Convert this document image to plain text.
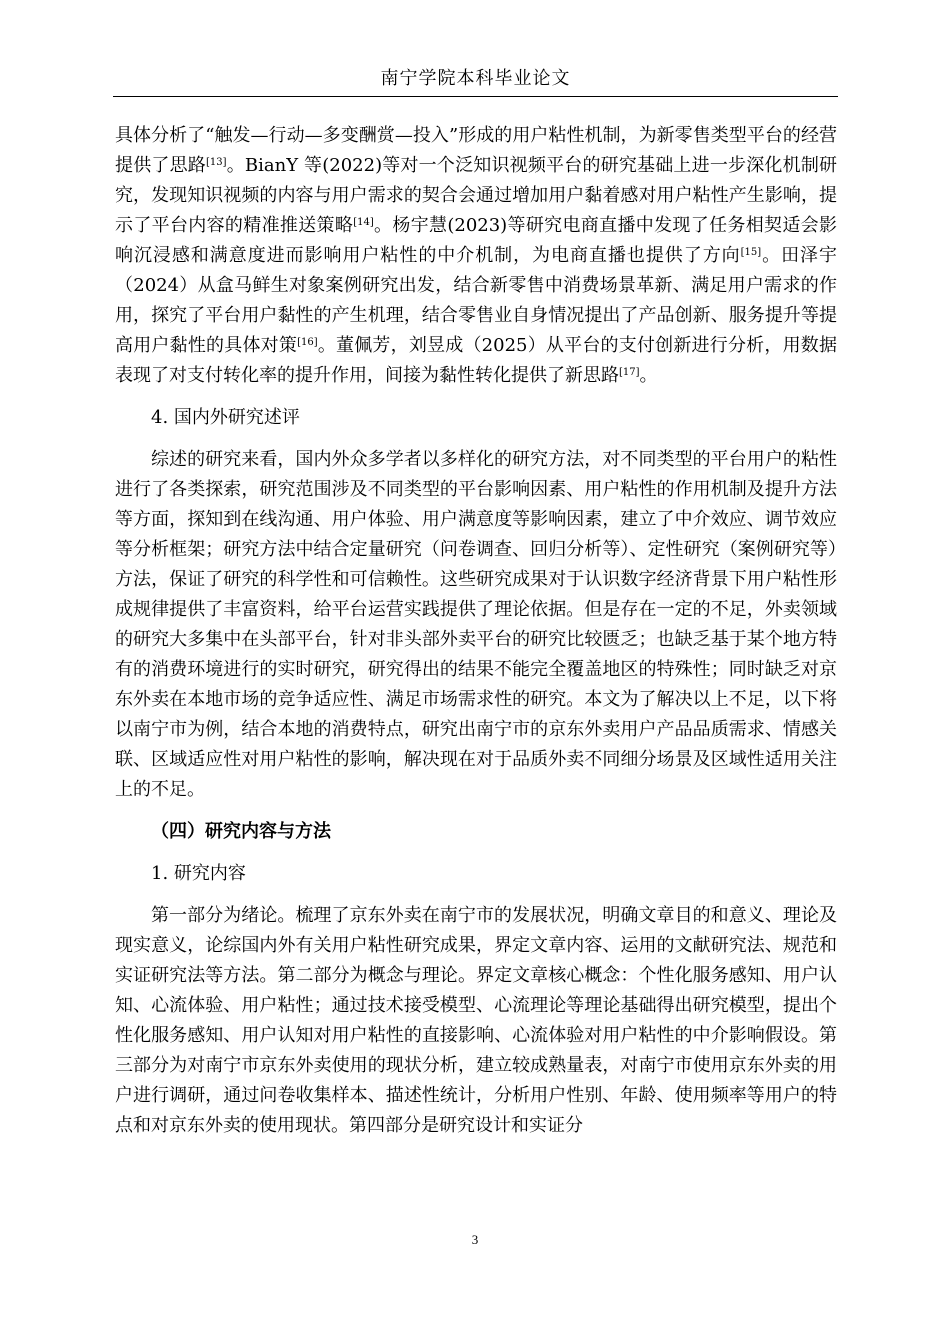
南宁学院本科毕业论文

具体分析了“触发—行动—多变酬赏—投入”形成的用户粘性机制，为新零售类型平台的经营提供了思路[13]。BianY 等(2022)等对一个泛知识视频平台的研究基础上进一步深化机制研究，发现知识视频的内容与用户需求的契合会通过增加用户黏着感对用户粘性产生影响，提示了平台内容的精准推送策略[14]。杨宇慧(2023)等研究电商直播中发现了任务相契适会影响沉浸感和满意度进而影响用户粘性的中介机制，为电商直播也提供了方向[15]。田泽宇（2024）从盒马鲜生对象案例研究出发，结合新零售中消费场景革新、满足用户需求的作用，探究了平台用户黏性的产生机理，结合零售业自身情况提出了产品创新、服务提升等提高用户黏性的具体对策[16]。董佩芳，刘昱成（2025）从平台的支付创新进行分析，用数据表现了对支付转化率的提升作用，间接为黏性转化提供了新思路[17]。

4. 国内外研究述评

综述的研究来看，国内外众多学者以多样化的研究方法，对不同类型的平台用户的粘性进行了各类探索，研究范围涉及不同类型的平台影响因素、用户粘性的作用机制及提升方法等方面，探知到在线沟通、用户体验、用户满意度等影响因素，建立了中介效应、调节效应等分析框架；研究方法中结合定量研究（问卷调查、回归分析等）、定性研究（案例研究等）方法，保证了研究的科学性和可信赖性。这些研究成果对于认识数字经济背景下用户粘性形成规律提供了丰富资料，给平台运营实践提供了理论依据。但是存在一定的不足，外卖领域的研究大多集中在头部平台，针对非头部外卖平台的研究比较匮乏；也缺乏基于某个地方特有的消费环境进行的实时研究，研究得出的结果不能完全覆盖地区的特殊性；同时缺乏对京东外卖在本地市场的竞争适应性、满足市场需求性的研究。本文为了解决以上不足，以下将以南宁市为例，结合本地的消费特点，研究出南宁市的京东外卖用户产品品质需求、情感关联、区域适应性对用户粘性的影响，解决现在对于品质外卖不同细分场景及区域性适用关注上的不足。

（四）研究内容与方法
1. 研究内容

第一部分为绪论。梳理了京东外卖在南宁市的发展状况，明确文章目的和意义、理论及现实意义，论综国内外有关用户粘性研究成果，界定文章内容、运用的文献研究法、规范和实证研究法等方法。第二部分为概念与理论。界定文章核心概念：个性化服务感知、用户认知、心流体验、用户粘性；通过技术接受模型、心流理论等理论基础得出研究模型，提出个性化服务感知、用户认知对用户粘性的直接影响、心流体验对用户粘性的中介影响假设。第三部分为对南宁市京东外卖使用的现状分析，建立较成熟量表，对南宁市使用京东外卖的用户进行调研，通过问卷收集样本、描述性统计，分析用户性别、年龄、使用频率等用户的特点和对京东外卖的使用现状。第四部分是研究设计和实证分

3
